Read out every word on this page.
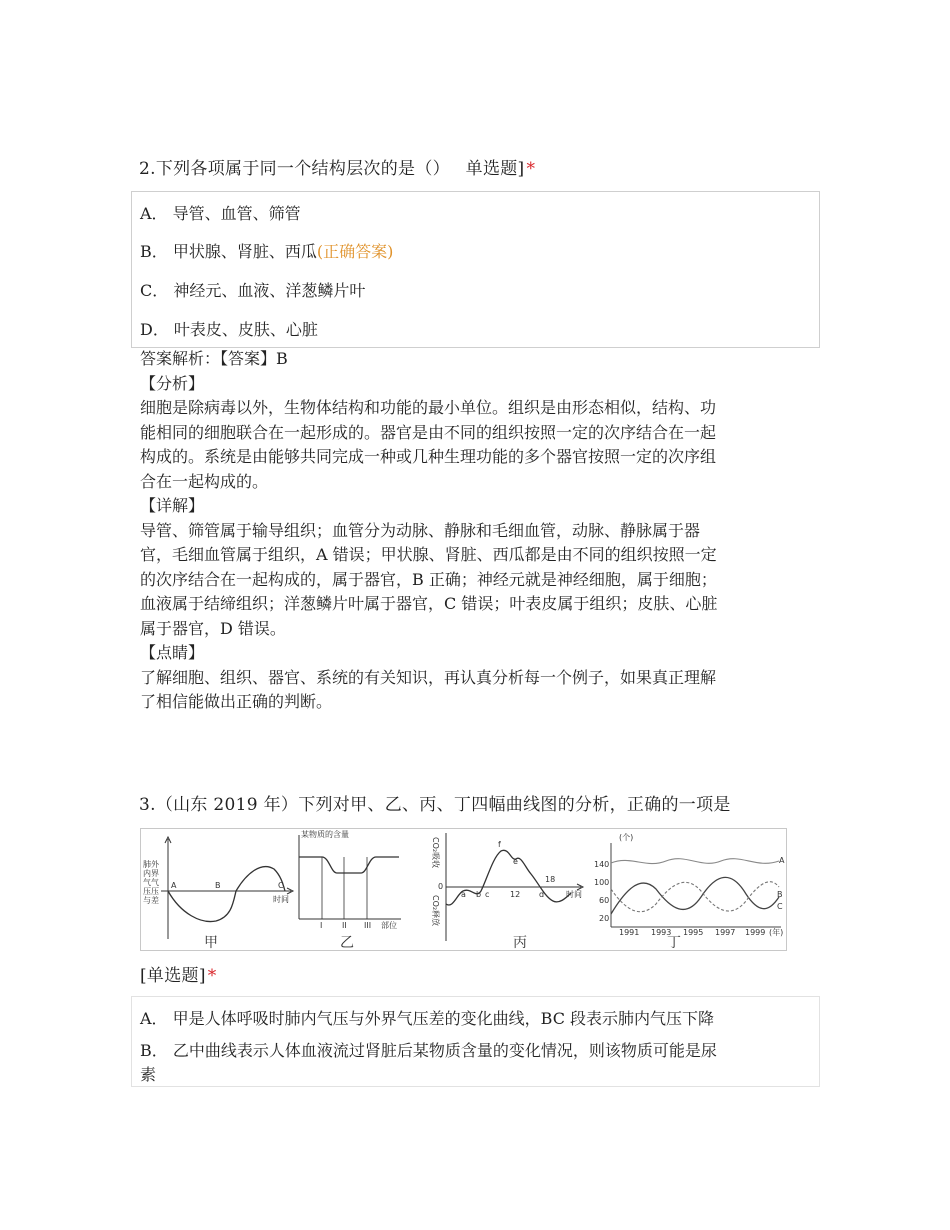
2.下列各项属于同一个结构层次的是（） 单选题] *
A． 导管、血管、筛管
B． 甲状腺、肾脏、西瓜(正确答案)
C． 神经元、血液、洋葱鳞片叶
D． 叶表皮、皮肤、心脏
答案解析：【答案】B
【分析】
细胞是除病毒以外，生物体结构和功能的最小单位。组织是由形态相似，结构、功
能相同的细胞联合在一起形成的。器官是由不同的组织按照一定的次序结合在一起
构成的。系统是由能够共同完成一种或几种生理功能的多个器官按照一定的次序组
合在一起构成的。
【详解】
导管、筛管属于输导组织；血管分为动脉、静脉和毛细血管，动脉、静脉属于器
官，毛细血管属于组织，A 错误；甲状腺、肾脏、西瓜都是由不同的组织按照一定
的次序结合在一起构成的，属于器官，B 正确；神经元就是神经细胞，属于细胞；
血液属于结缔组织；洋葱鳞片叶属于器官，C 错误；叶表皮属于组织；皮肤、心脏
属于器官，D 错误。
【点睛】
了解细胞、组织、器官、系统的有关知识，再认真分析每一个例子，如果真正理解
了相信能做出正确的判断。
3.（山东 2019 年）下列对甲、乙、丙、丁四幅曲线图的分析，正确的一项是
肺外
内界
气气
压压
与差
A	B	C
时间
甲
某物质的含量
I II III 部位
乙
CO₂吸收
CO₂释放
0
a b c	d
e
f
12
18
时间
丙
(个)
140
100
60
20
A
B
C
1991 1993 1995 1997 1999 (年)
丁
[单选题] *
A． 甲是人体呼吸时肺内气压与外界气压差的变化曲线，BC 段表示肺内气压下降
B． 乙中曲线表示人体血液流过肾脏后某物质含量的变化情况，则该物质可能是尿
素
